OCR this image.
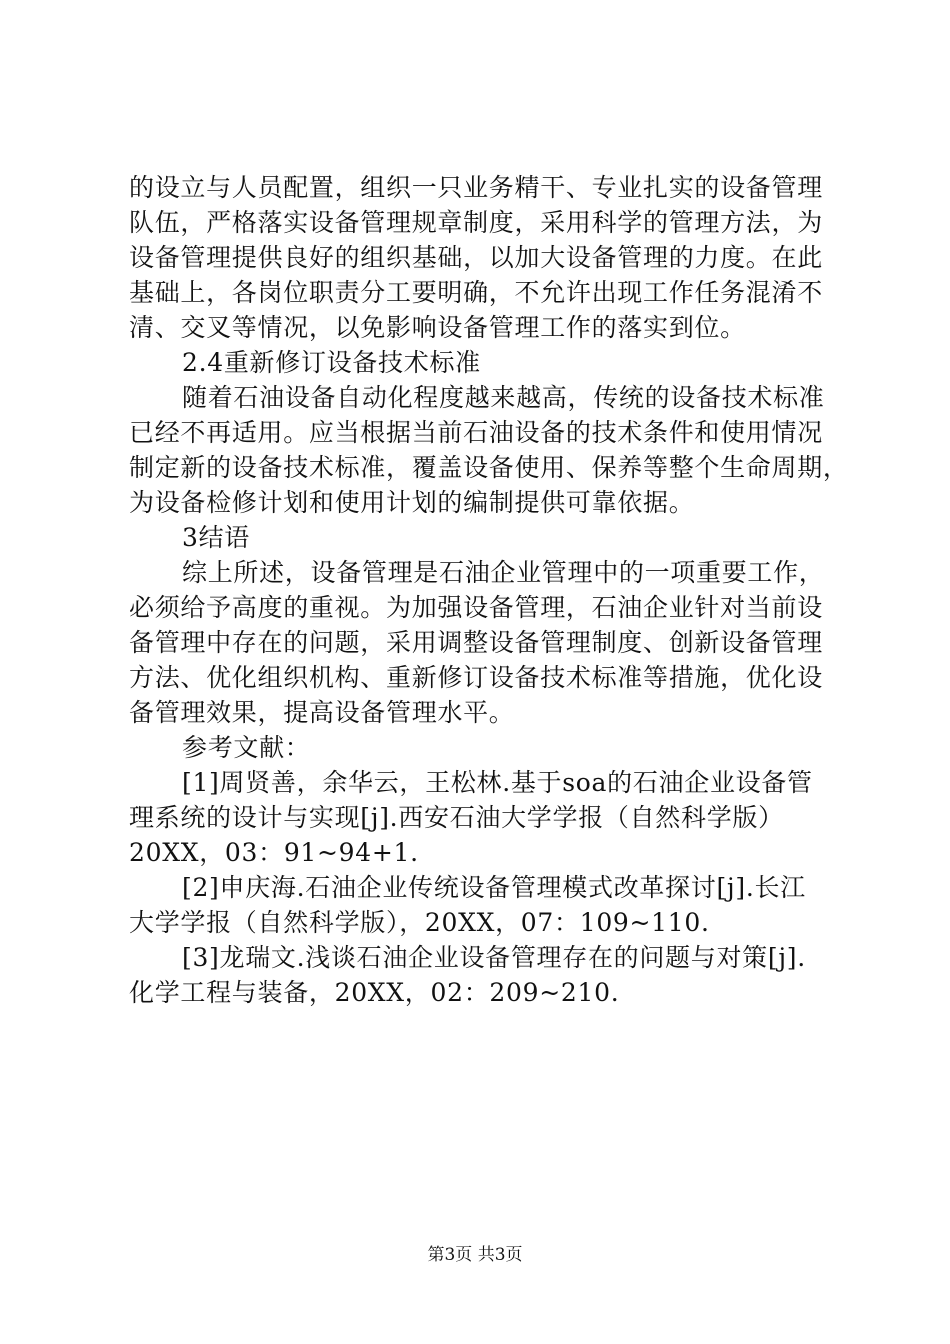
的设立与人员配置，组织一只业务精干、专业扎实的设备管理
队伍，严格落实设备管理规章制度，采用科学的管理方法，为
设备管理提供良好的组织基础，以加大设备管理的力度。在此
基础上，各岗位职责分工要明确，不允许出现工作任务混淆不
清、交叉等情况，以免影响设备管理工作的落实到位。
2.4重新修订设备技术标准
随着石油设备自动化程度越来越高，传统的设备技术标准
已经不再适用。应当根据当前石油设备的技术条件和使用情况
制定新的设备技术标准，覆盖设备使用、保养等整个生命周期，
为设备检修计划和使用计划的编制提供可靠依据。
3结语
综上所述，设备管理是石油企业管理中的一项重要工作，
必须给予高度的重视。为加强设备管理，石油企业针对当前设
备管理中存在的问题，采用调整设备管理制度、创新设备管理
方法、优化组织机构、重新修订设备技术标准等措施，优化设
备管理效果，提高设备管理水平。
参考文献：
[1]周贤善，余华云，王松林.基于soa的石油企业设备管
理系统的设计与实现[j].西安石油大学学报（自然科学版）
20XX，03：91~94+1.
[2]申庆海.石油企业传统设备管理模式改革探讨[j].长江
大学学报（自然科学版），20XX，07：109~110.
[3]龙瑞文.浅谈石油企业设备管理存在的问题与对策[j].
化学工程与装备，20XX，02：209~210.
第3页 共3页
